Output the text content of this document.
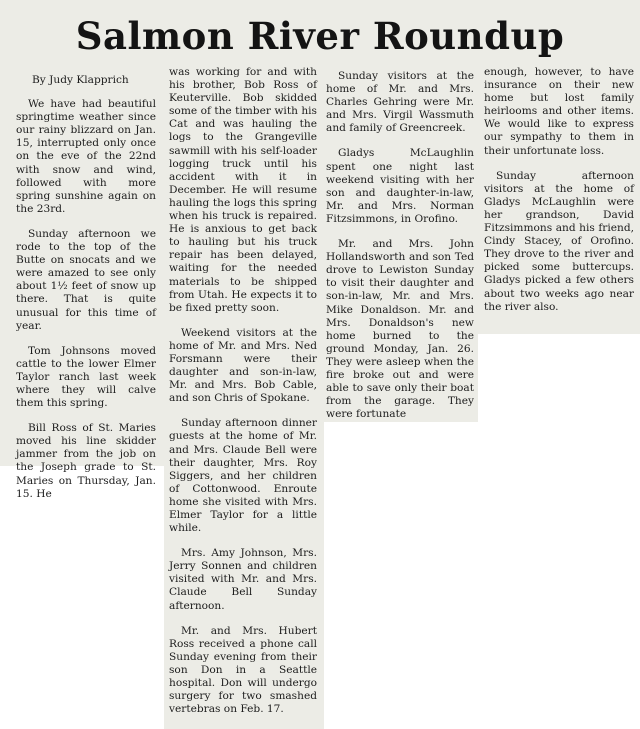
Salmon River Roundup
By Judy Klapprich

We have had beautiful springtime weather since our rainy blizzard on Jan. 15, interrupted only once on the eve of the 22nd with snow and wind, followed with more spring sunshine again on the 23rd.

Sunday afternoon we rode to the top of the Butte on snocats and we were amazed to see only about 1½ feet of snow up there. That is quite unusual for this time of year.

Tom Johnsons moved cattle to the lower Elmer Taylor ranch last week where they will calve them this spring.

Bill Ross of St. Maries moved his line skidder jammer from the job on the Joseph grade to St. Maries on Thursday, Jan. 15. He

was working for and with his brother, Bob Ross of Keuterville. Bob skidded some of the timber with his Cat and was hauling the logs to the Grangeville sawmill with his self-loader logging truck until his accident with it in December. He will resume hauling the logs this spring when his truck is repaired. He is anxious to get back to hauling but his truck repair has been delayed, waiting for the needed materials to be shipped from Utah. He expects it to be fixed pretty soon.

Weekend visitors at the home of Mr. and Mrs. Ned Forsmann were their daughter and son-in-law, Mr. and Mrs. Bob Cable, and son Chris of Spokane.

Sunday afternoon dinner guests at the home of Mr. and Mrs. Claude Bell were their daughter, Mrs. Roy Siggers, and her children of Cottonwood. Enroute home she visited with Mrs. Elmer Taylor for a little while.

Mrs. Amy Johnson, Mrs. Jerry Sonnen and children visited with Mr. and Mrs. Claude Bell Sunday afternoon.

Mr. and Mrs. Hubert Ross received a phone call Sunday evening from their son Don in a Seattle hospital. Don will undergo surgery for two smashed vertebras on Feb. 17.

Sunday visitors at the home of Mr. and Mrs. Charles Gehring were Mr. and Mrs. Virgil Wassmuth and family of Greencreek.

Gladys McLaughlin spent one night last weekend visiting with her son and daughter-in-law, Mr. and Mrs. Norman Fitzsimmons, in Orofino.

Mr. and Mrs. John Hollandsworth and son Ted drove to Lewiston Sunday to visit their daughter and son-in-law, Mr. and Mrs. Mike Donaldson. Mr. and Mrs. Donaldson's new home burned to the ground Monday, Jan. 26. They were asleep when the fire broke out and were able to save only their boat from the garage. They were fortunate

enough, however, to have insurance on their new home but lost family heirlooms and other items. We would like to express our sympathy to them in their unfortunate loss.

Sunday afternoon visitors at the home of Gladys McLaughlin were her grandson, David Fitzsimmons and his friend, Cindy Stacey, of Orofino. They drove to the river and picked some buttercups. Gladys picked a few others about two weeks ago near the river also.
